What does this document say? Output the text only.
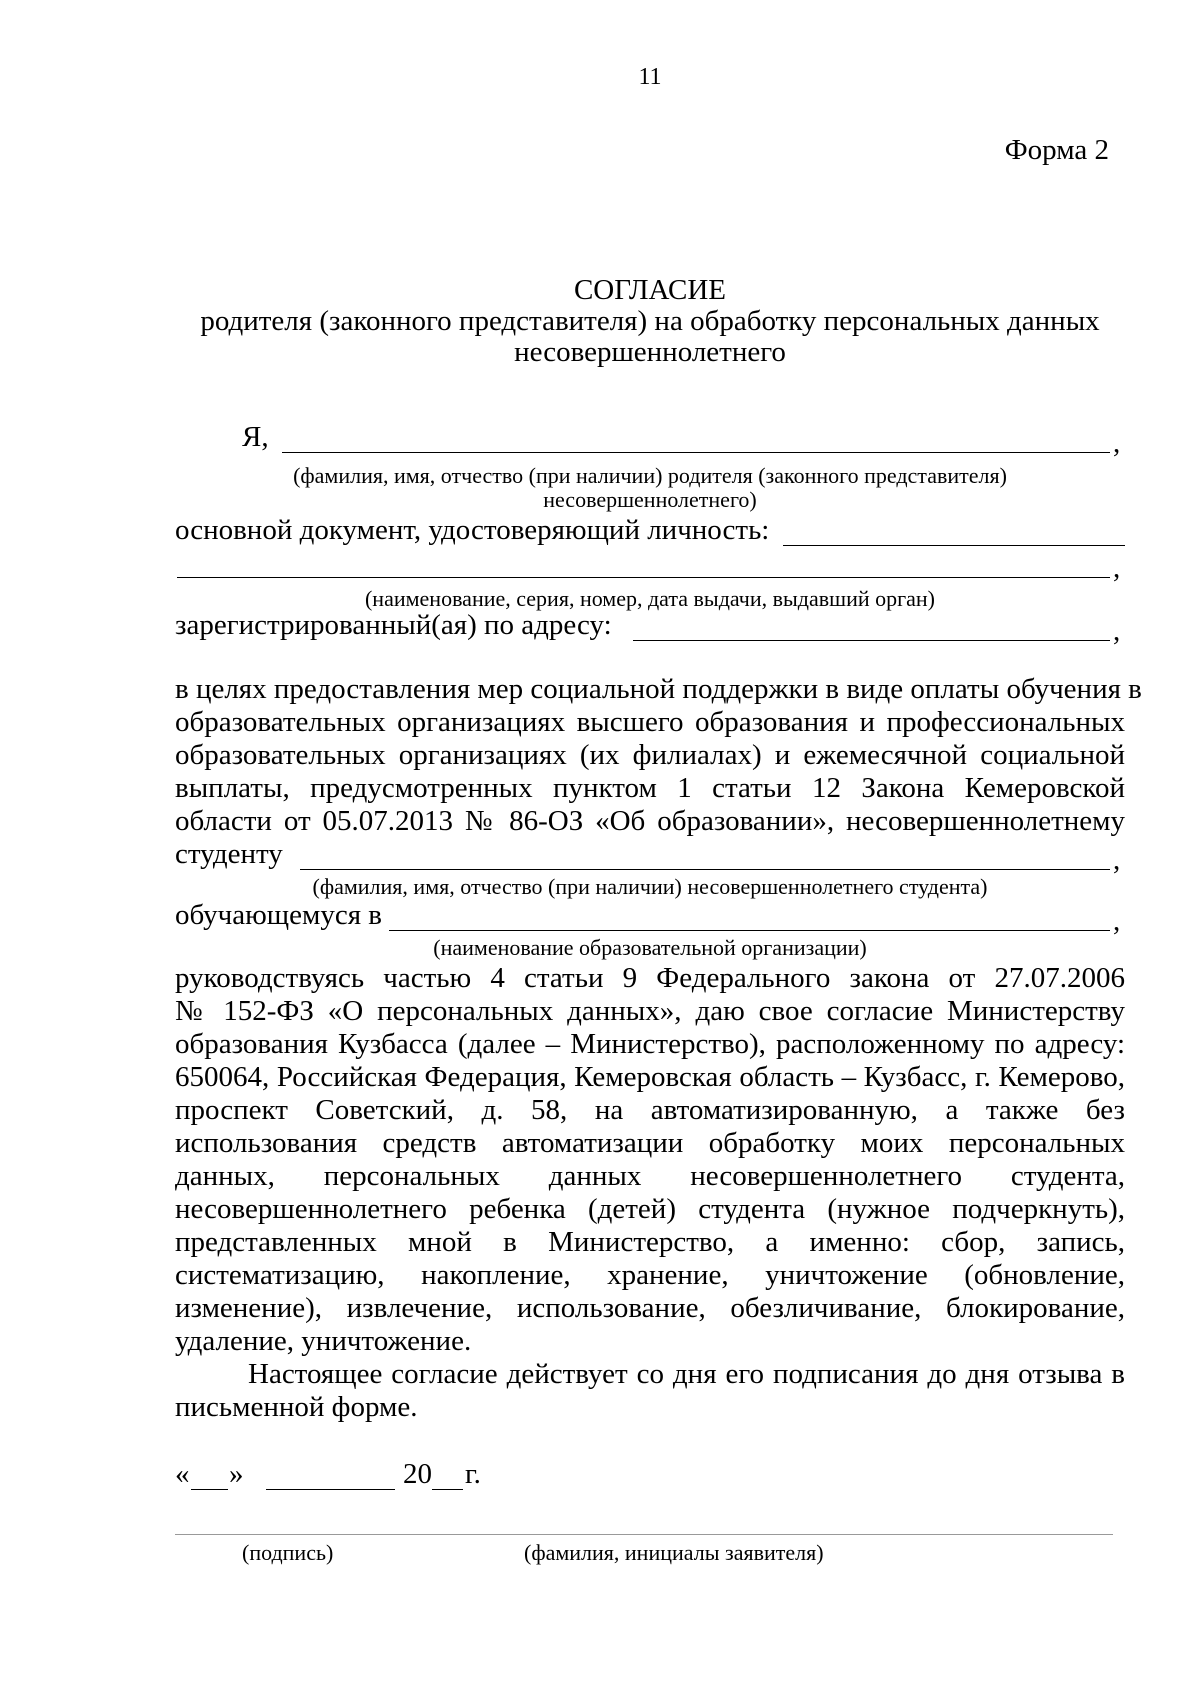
11
Форма 2
СОГЛАСИЕ
родителя (законного представителя) на обработку персональных данных
несовершеннолетнего
Я,	,
(фамилия, имя, отчество (при наличии) родителя (законного представителя)
несовершеннолетнего)
основной документ, удостоверяющий личность:
,
(наименование, серия, номер, дата выдачи, выдавший орган)
зарегистрированный(ая) по адресу:	,
в целях предоставления мер социальной поддержки в виде оплаты обучения в
образовательных организациях высшего образования и профессиональных
образовательных организациях (их филиалах) и ежемесячной социальной
выплаты, предусмотренных пунктом 1 статьи 12 Закона Кемеровской
области от 05.07.2013 № 86-ОЗ «Об образовании», несовершеннолетнему
студенту	,
(фамилия, имя, отчество (при наличии) несовершеннолетнего студента)
обучающемуся в	,
(наименование образовательной организации)
руководствуясь частью 4 статьи 9 Федерального закона от 27.07.2006
№ 152-ФЗ «О персональных данных», даю свое согласие Министерству
образования Кузбасса (далее – Министерство), расположенному по адресу:
650064, Российская Федерация, Кемеровская область – Кузбасс, г. Кемерово,
проспект Советский, д. 58, на автоматизированную, а также без
использования средств автоматизации обработку моих персональных
данных, персональных данных несовершеннолетнего студента,
несовершеннолетнего ребенка (детей) студента (нужное подчеркнуть),
представленных мной в Министерство, а именно: сбор, запись,
систематизацию, накопление, хранение, уничтожение (обновление,
изменение), извлечение, использование, обезличивание, блокирование,
удаление, уничтожение.
Настоящее согласие действует со дня его подписания до дня отзыва в
письменной форме.
« »	20 г.
(подпись)	(фамилия, инициалы заявителя)
